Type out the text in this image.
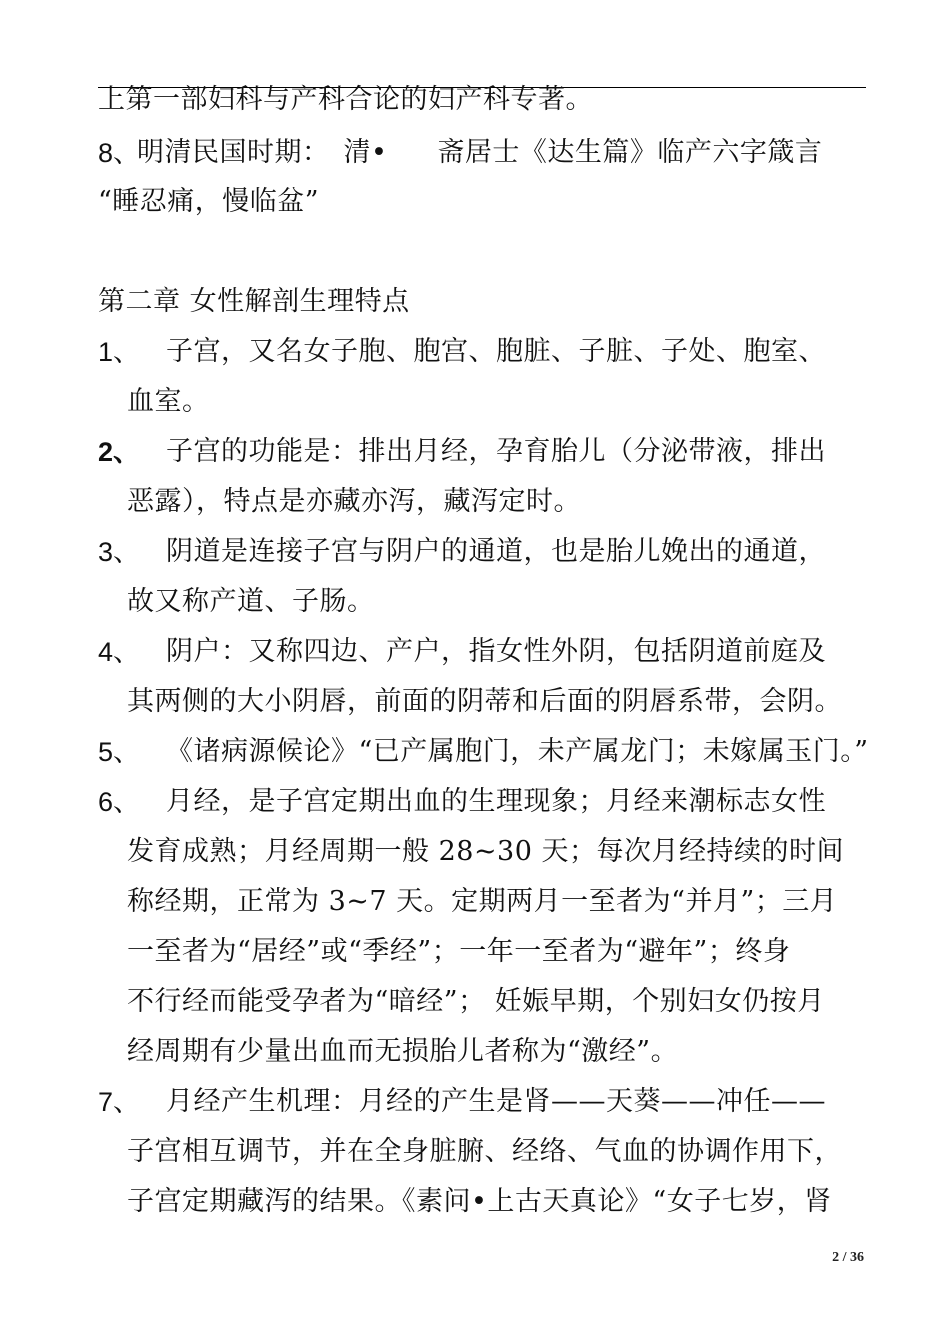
上第一部妇科与产科合论的妇产科专著。
8、
明清民国时期： 清• 斋居士《达生篇》临产六字箴言
“睡忍痛，慢临盆”
第二章 女性解剖生理特点
1、 子宫，又名女子胞、胞宫、胞脏、子脏、子处、胞室、
血室。
2、 子宫的功能是：排出月经，孕育胎儿（分泌带液，排出
恶露），特点是亦藏亦泻，藏泻定时。
3、 阴道是连接子宫与阴户的通道，也是胎儿娩出的通道，
故又称产道、子肠。
4、 阴户：又称四边、产户，指女性外阴，包括阴道前庭及
其两侧的大小阴唇，前面的阴蒂和后面的阴唇系带，会阴。
5、 《诸病源候论》“已产属胞门，未产属龙门；未嫁属玉门。”
6、 月经，是子宫定期出血的生理现象；月经来潮标志女性
发育成熟；月经周期一般 28~30 天；每次月经持续的时间
称经期，正常为 3~7 天。定期两月一至者为“并月”；三月
一至者为“居经”或“季经”；一年一至者为“避年”；终身
不行经而能受孕者为“暗经”； 妊娠早期，个别妇女仍按月
经周期有少量出血而无损胎儿者称为“激经”。
7、 月经产生机理：月经的产生是肾——天葵——冲任——
子宫相互调节，并在全身脏腑、经络、气血的协调作用下，
子宫定期藏泻的结果。《素问•上古天真论》“女子七岁，肾
2 / 36
